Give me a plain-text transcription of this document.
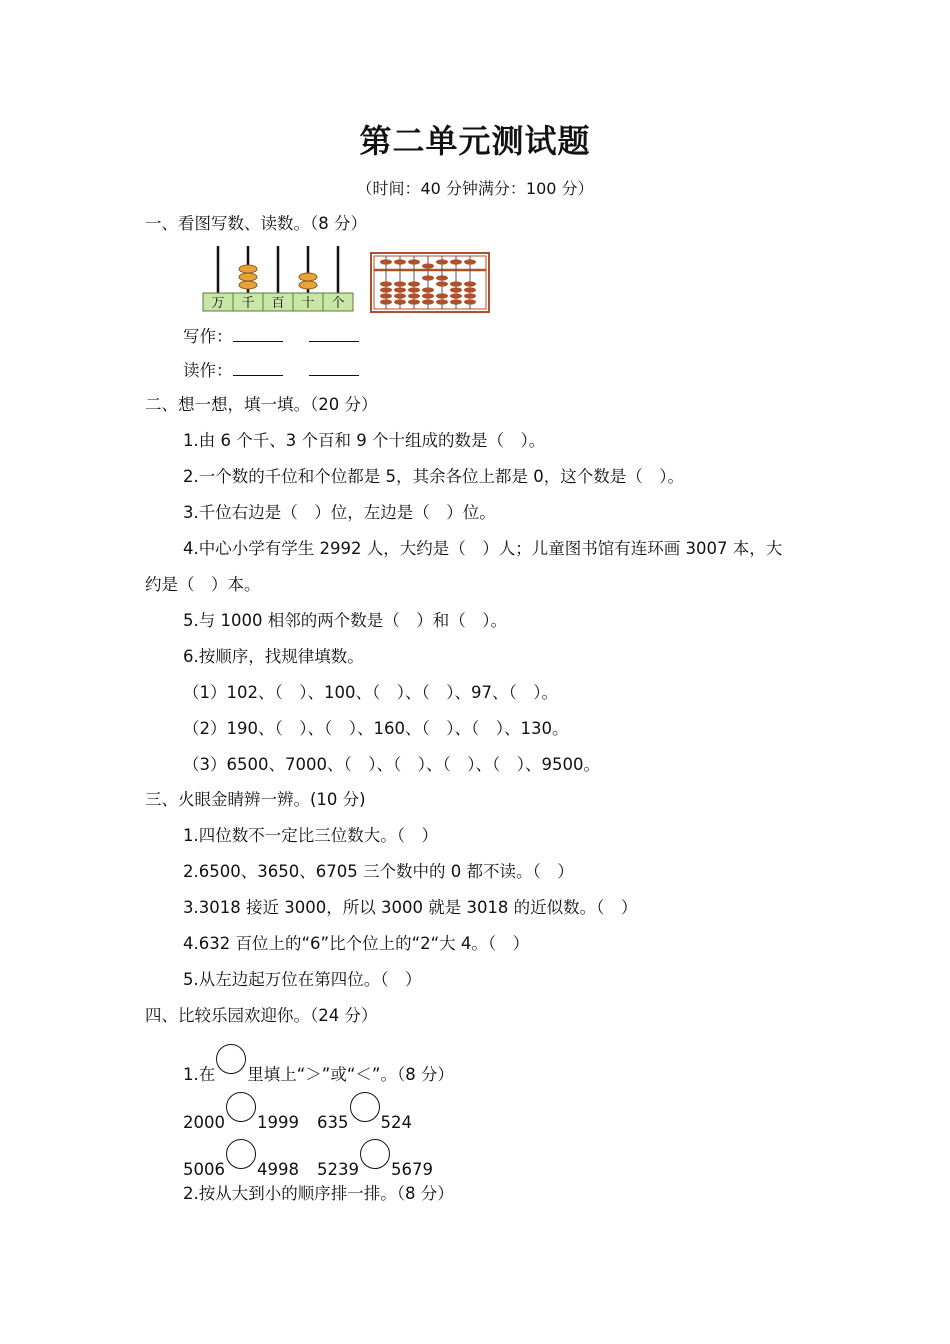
第二单元测试题
（时间：40 分钟满分：100 分）
一、看图写数、读数。（8 分）
万 千 百 十 个
写作：
读作：
二、想一想，填一填。（20 分）
1.由 6 个千、3 个百和 9 个十组成的数是（　）。
2.一个数的千位和个位都是 5，其余各位上都是 0，这个数是（　）。
3.千位右边是（　）位，左边是（　）位。
4.中心小学有学生 2992 人，大约是（　）人；儿童图书馆有连环画 3007 本，大
约是（　）本。
5.与 1000 相邻的两个数是（　）和（　）。
6.按顺序，找规律填数。
（1）102、（　）、100、（　）、（　）、97、（　）。
（2）190、（　）、（　）、160、（　）、（　）、130。
（3）6500、7000、（　）、（　）、（　）、（　）、9500。
三、火眼金睛辨一辨。(10 分)
1.四位数不一定比三位数大。（　）
2.6500、3650、6705 三个数中的 0 都不读。（　）
3.3018 接近 3000，所以 3000 就是 3018 的近似数。（　）
4.632 百位上的“6”比个位上的“2“大 4。（　）
5.从左边起万位在第四位。（　）
四、比较乐园欢迎你。（24 分）
1.在 里填上“＞”或“＜”。（8 分）
2000 1999 635 524
5006 4998 5239 5679
2.按从大到小的顺序排一排。（8 分）
